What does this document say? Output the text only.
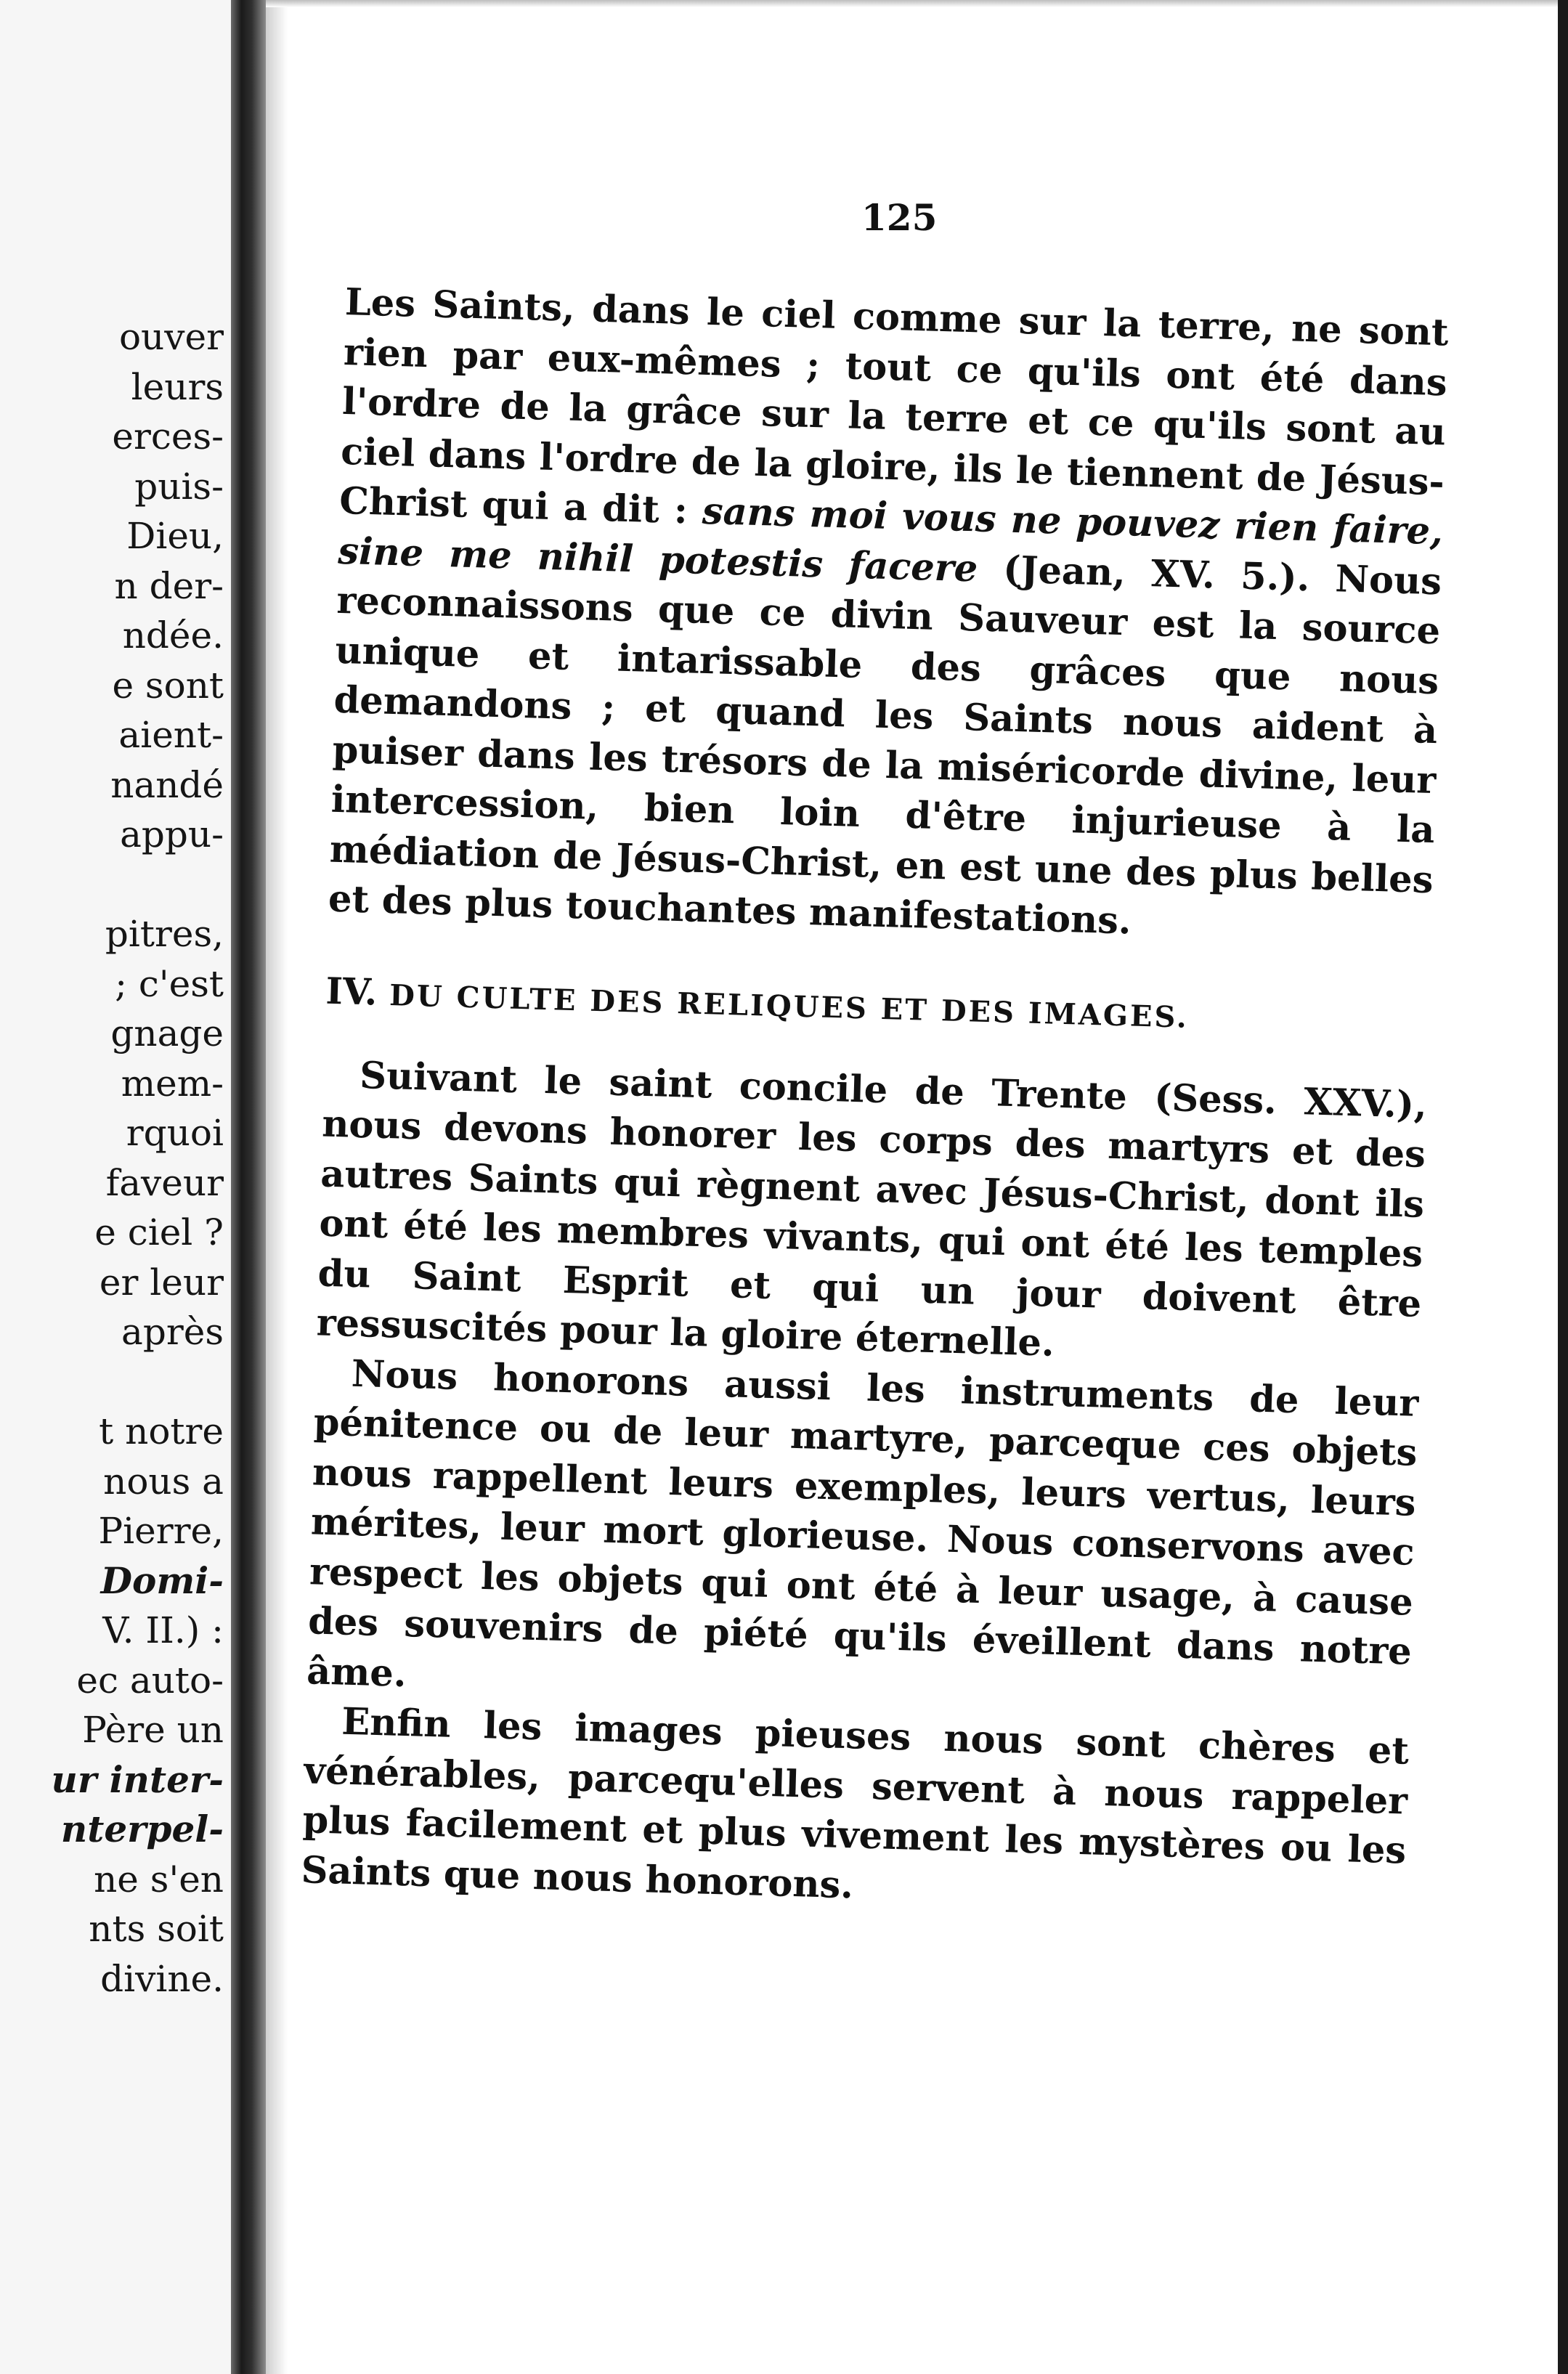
ouver
leurs
erces-
puis-
Dieu,
n der-
ndée.
e sont
aient-
nandé
appu-

pitres,
; c'est
gnage
mem-
rquoi
faveur
e ciel ?
er leur
après

t notre
nous a
Pierre,
Domi-
V. II.) :
ec auto-
Père un
ur inter-
nterpel-
ne s'en
nts soit
divine.
125

Les Saints, dans le ciel comme sur la terre, ne sont rien par eux-mêmes ; tout ce qu'ils ont été dans l'ordre de la grâce sur la terre et ce qu'ils sont au ciel dans l'ordre de la gloire, ils le tiennent de Jésus-Christ qui a dit : sans moi vous ne pouvez rien faire, sine me nihil potestis facere (Jean, XV. 5.). Nous reconnaissons que ce divin Sauveur est la source unique et intarissable des grâces que nous demandons ; et quand les Saints nous aident à puiser dans les trésors de la miséricorde divine, leur intercession, bien loin d'être injurieuse à la médiation de Jésus-Christ, en est une des plus belles et des plus touchantes manifestations.

IV. DU CULTE DES RELIQUES ET DES IMAGES.

Suivant le saint concile de Trente (Sess. XXV.), nous devons honorer les corps des martyrs et des autres Saints qui règnent avec Jésus-Christ, dont ils ont été les membres vivants, qui ont été les temples du Saint Esprit et qui un jour doivent être ressuscités pour la gloire éternelle.

Nous honorons aussi les instruments de leur pénitence ou de leur martyre, parceque ces objets nous rappellent leurs exemples, leurs vertus, leurs mérites, leur mort glorieuse. Nous conservons avec respect les objets qui ont été à leur usage, à cause des souvenirs de piété qu'ils éveillent dans notre âme.

Enfin les images pieuses nous sont chères et vénérables, parcequ'elles servent à nous rappeler plus facilement et plus vivement les mystères ou les Saints que nous honorons.
